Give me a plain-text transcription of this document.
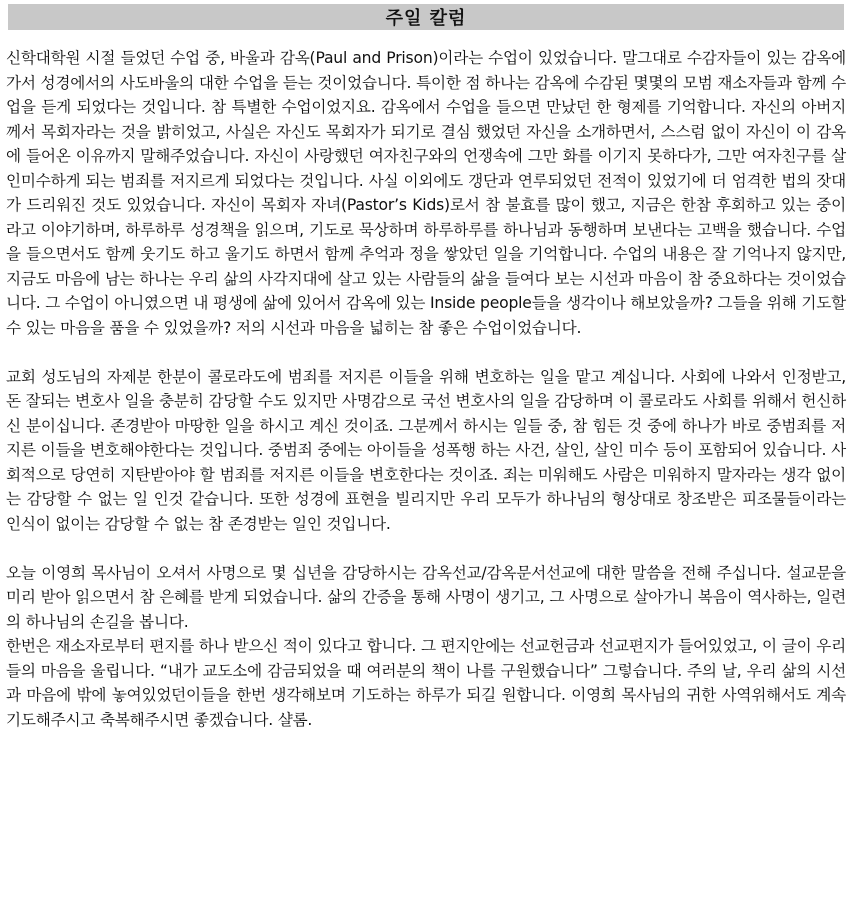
주일 칼럼

신학대학원 시절 들었던 수업 중, 바울과 감옥(Paul and Prison)이라는 수업이 있었습니다. 말그대로 수감자들이 있는 감옥에 가서 성경에서의 사도바울의 대한 수업을 듣는 것이었습니다. 특이한 점 하나는 감옥에 수감된 몇몇의 모범 재소자들과 함께 수업을 듣게 되었다는 것입니다. 참 특별한 수업이었지요. 감옥에서 수업을 들으면 만났던 한 형제를 기억합니다. 자신의 아버지께서 목회자라는 것을 밝히었고, 사실은 자신도 목회자가 되기로 결심 했었던 자신을 소개하면서, 스스럼 없이 자신이 이 감옥에 들어온 이유까지 말해주었습니다. 자신이 사랑했던 여자친구와의 언쟁속에 그만 화를 이기지 못하다가, 그만 여자친구를 살인미수하게 되는 범죄를 저지르게 되었다는 것입니다. 사실 이외에도 갱단과 연루되었던 전적이 있었기에 더 엄격한 법의 잣대가 드리워진 것도 있었습니다. 자신이 목회자 자녀(Pastor’s Kids)로서 참 불효를 많이 했고, 지금은 한참 후회하고 있는 중이라고 이야기하며, 하루하루 성경책을 읽으며, 기도로 묵상하며 하루하루를 하나님과 동행하며 보낸다는 고백을 했습니다. 수업을 들으면서도 함께 웃기도 하고 울기도 하면서 함께 추억과 정을 쌓았던 일을 기억합니다. 수업의 내용은 잘 기억나지 않지만, 지금도 마음에 남는 하나는 우리 삶의 사각지대에 살고 있는 사람들의 삶을 들여다 보는 시선과 마음이 참 중요하다는 것이었습니다. 그 수업이 아니였으면 내 평생에 삶에 있어서 감옥에 있는 Inside people들을 생각이나 해보았을까? 그들을 위해 기도할 수 있는 마음을 품을 수 있었을까? 저의 시선과 마음을 넓히는 참 좋은 수업이었습니다.

교회 성도님의 자제분 한분이 콜로라도에 범죄를 저지른 이들을 위해 변호하는 일을 맡고 계십니다. 사회에 나와서 인정받고, 돈 잘되는 변호사 일을 충분히 감당할 수도 있지만 사명감으로 국선 변호사의 일을 감당하며 이 콜로라도 사회를 위해서 헌신하신 분이십니다. 존경받아 마땅한 일을 하시고 계신 것이죠. 그분께서 하시는 일들 중, 참 힘든 것 중에 하나가 바로 중범죄를 저지른 이들을 변호해야한다는 것입니다. 중범죄 중에는 아이들을 성폭행 하는 사건, 살인, 살인 미수 등이 포함되어 있습니다. 사회적으로 당연히 지탄받아야 할 범죄를 저지른 이들을 변호한다는 것이죠. 죄는 미워해도 사람은 미워하지 말자라는 생각 없이는 감당할 수 없는 일 인것 같습니다. 또한 성경에 표현을 빌리지만 우리 모두가 하나님의 형상대로 창조받은 피조물들이라는 인식이 없이는 감당할 수 없는 참 존경받는 일인 것입니다.

오늘 이영희 목사님이 오셔서 사명으로 몇 십년을 감당하시는 감옥선교/감옥문서선교에 대한 말씀을 전해 주십니다. 설교문을 미리 받아 읽으면서 참 은혜를 받게 되었습니다. 삶의 간증을 통해 사명이 생기고, 그 사명으로 살아가니 복음이 역사하는, 일련의 하나님의 손길을 봅니다.

한번은 재소자로부터 편지를 하나 받으신 적이 있다고 합니다. 그 편지안에는 선교헌금과 선교편지가 들어있었고, 이 글이 우리들의 마음을 울립니다. “내가 교도소에 감금되었을 때 여러분의 책이 나를 구원했습니다” 그렇습니다. 주의 날, 우리 삶의 시선과 마음에 밖에 놓여있었던이들을 한번 생각해보며 기도하는 하루가 되길 원합니다. 이영희 목사님의 귀한 사역위해서도 계속 기도해주시고 축복해주시면 좋겠습니다. 샬롬.
